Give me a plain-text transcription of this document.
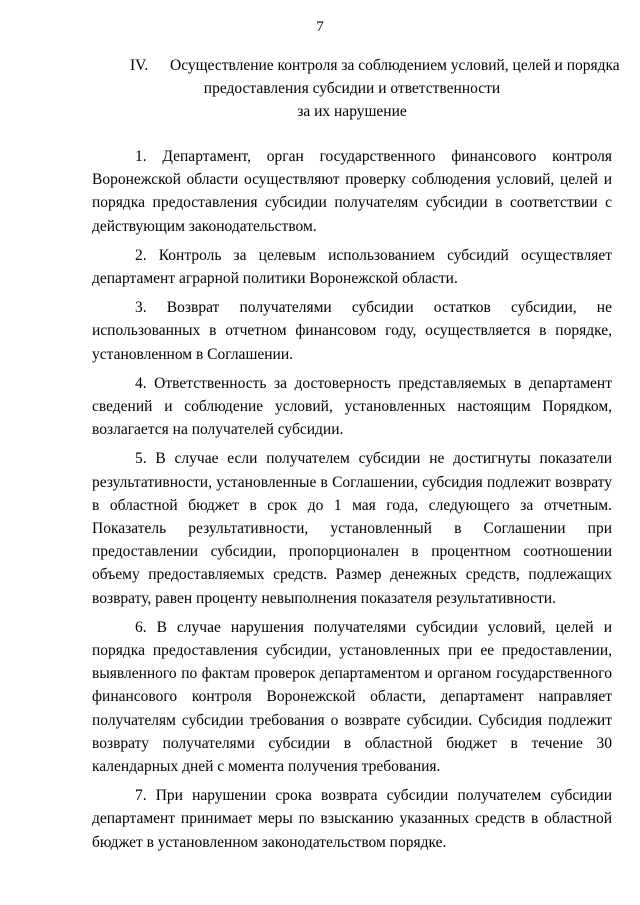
7
IV. Осуществление контроля за соблюдением условий, целей и порядка
предоставления субсидии и ответственности
за их нарушение

1. Департамент, орган государственного финансового контроля Воронежской области осуществляют проверку соблюдения условий, целей и порядка предоставления субсидии получателям субсидии в соответствии с действующим законодательством.

2. Контроль за целевым использованием субсидий осуществляет департамент аграрной политики Воронежской области.

3. Возврат получателями субсидии остатков субсидии, не использованных в отчетном финансовом году, осуществляется в порядке, установленном в Соглашении.

4. Ответственность за достоверность представляемых в департамент сведений и соблюдение условий, установленных настоящим Порядком, возлагается на получателей субсидии.

5. В случае если получателем субсидии не достигнуты показатели результативности, установленные в Соглашении, субсидия подлежит возврату в областной бюджет в срок до 1 мая года, следующего за отчетным. Показатель результативности, установленный в Соглашении при предоставлении субсидии, пропорционален в процентном соотношении объему предоставляемых средств. Размер денежных средств, подлежащих возврату, равен проценту невыполнения показателя результативности.

6. В случае нарушения получателями субсидии условий, целей и порядка предоставления субсидии, установленных при ее предоставлении, выявленного по фактам проверок департаментом и органом государственного финансового контроля Воронежской области, департамент направляет получателям субсидии требования о возврате субсидии. Субсидия подлежит возврату получателями субсидии в областной бюджет в течение 30 календарных дней с момента получения требования.

7. При нарушении срока возврата субсидии получателем субсидии департамент принимает меры по взысканию указанных средств в областной бюджет в установленном законодательством порядке.
